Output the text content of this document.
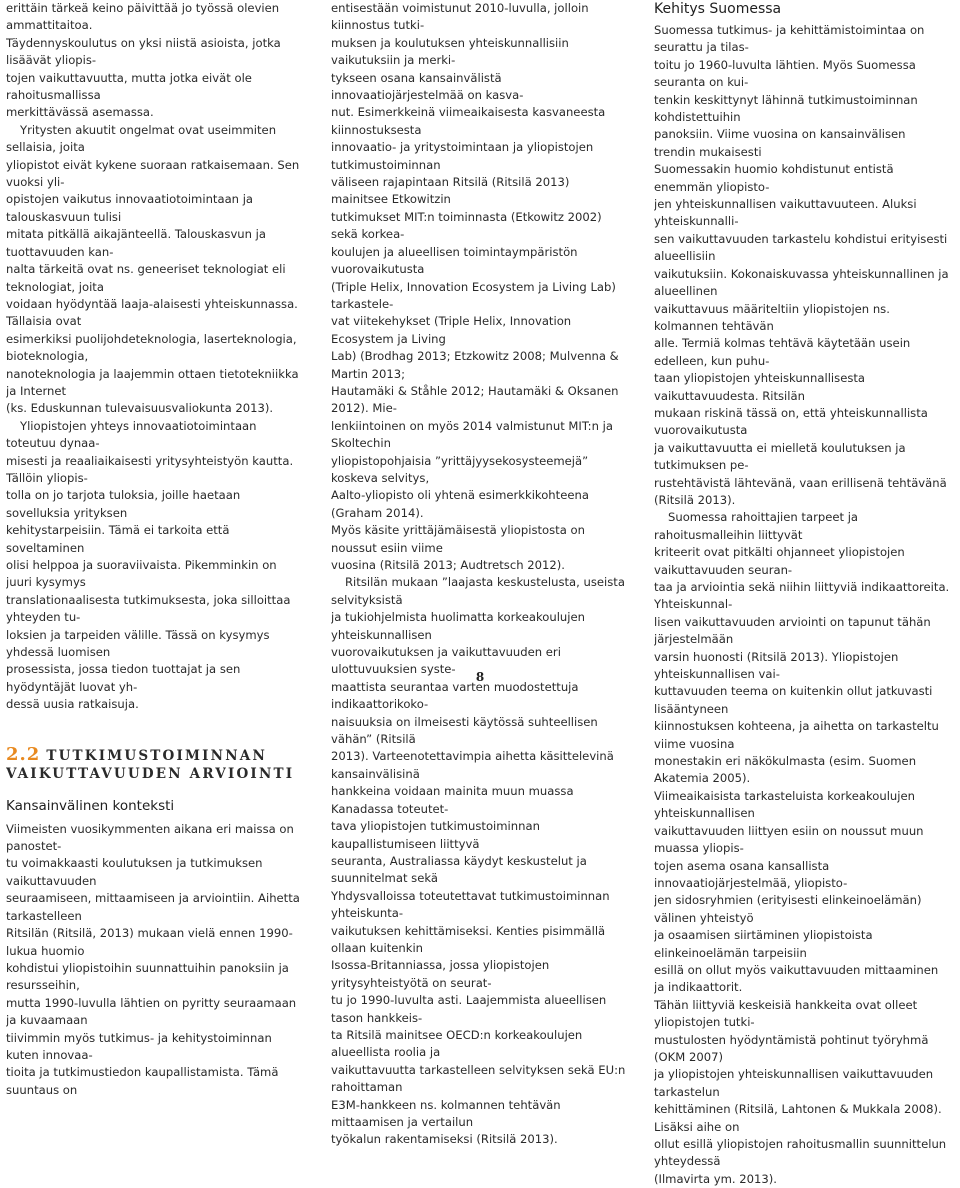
erittäin tärkeä keino päivittää jo työssä olevien ammattitaitoa.

Täydennyskoulutus on yksi niistä asioista, jotka lisäävät yliopis-

tojen vaikuttavuutta, mutta jotka eivät ole rahoitusmallissa

merkittävässä asemassa.

Yritysten akuutit ongelmat ovat useimmiten sellaisia, joita

yliopistot eivät kykene suoraan ratkaisemaan. Sen vuoksi yli-

opistojen vaikutus innovaatiotoimintaan ja talouskasvuun tulisi

mitata pitkällä aikajänteellä. Talouskasvun ja tuottavuuden kan-

nalta tärkeitä ovat ns. geneeriset teknologiat eli teknologiat, joita

voidaan hyödyntää laaja-alaisesti yhteiskunnassa. Tällaisia ovat

esimerkiksi puolijohdeteknologia, laserteknologia, bioteknologia,

nanoteknologia ja laajemmin ottaen tietotekniikka ja Internet

(ks. Eduskunnan tulevaisuusvaliokunta 2013).

Yliopistojen yhteys innovaatiotoimintaan toteutuu dynaa-

misesti ja reaaliaikaisesti yritysyhteistyön kautta. Tällöin yliopis-

tolla on jo tarjota tuloksia, joille haetaan sovelluksia yrityksen

kehitystarpeisiin. Tämä ei tarkoita että soveltaminen

olisi helppoa ja suoraviivaista. Pikemminkin on juuri kysymys

translationaalisesta tutkimuksesta, joka silloittaa yhteyden tu-

loksien ja tarpeiden välille. Tässä on kysymys yhdessä luomisen

prosessista, jossa tiedon tuottajat ja sen hyödyntäjät luovat yh-

dessä uusia ratkaisuja.

2.2 TUTKIMUSTOIMINNAN

VAIKUTTAVUUDEN ARVIOINTI

Kansainvälinen konteksti

Viimeisten vuosikymmenten aikana eri maissa on panostet-

tu voimakkaasti koulutuksen ja tutkimuksen vaikuttavuuden

seuraamiseen, mittaamiseen ja arviointiin. Aihetta tarkastelleen

Ritsilän (Ritsilä, 2013) mukaan vielä ennen 1990-lukua huomio

kohdistui yliopistoihin suunnattuihin panoksiin ja resursseihin,

mutta 1990-luvulla lähtien on pyritty seuraamaan ja kuvaamaan

tiivimmin myös tutkimus- ja kehitystoiminnan kuten innovaa-

tioita ja tutkimustiedon kaupallistamista. Tämä suuntaus on

entisestään voimistunut 2010-luvulla, jolloin kiinnostus tutki-

muksen ja koulutuksen yhteiskunnallisiin vaikutuksiin ja merki-

tykseen osana kansainvälistä innovaatiojärjestelmää on kasva-

nut. Esimerkkeinä viimeaikaisesta kasvaneesta kiinnostuksesta

innovaatio- ja yritystoimintaan ja yliopistojen tutkimustoiminnan

väliseen rajapintaan Ritsilä (Ritsilä 2013) mainitsee Etkowitzin

tutkimukset MIT:n toiminnasta (Etkowitz 2002) sekä korkea-

koulujen ja alueellisen toimintaympäristön vuorovaikutusta

(Triple Helix, Innovation Ecosystem ja Living Lab) tarkastele-

vat viitekehykset (Triple Helix, Innovation Ecosystem ja Living

Lab) (Brodhag 2013; Etzkowitz 2008; Mulvenna & Martin 2013;

Hautamäki & Ståhle 2012; Hautamäki & Oksanen 2012). Mie-

lenkiintoinen on myös 2014 valmistunut MIT:n ja Skoltechin

yliopistopohjaisia ”yrittäjyysekosysteemejä” koskeva selvitys,

Aalto-yliopisto oli yhtenä esimerkkikohteena (Graham 2014).

Myös käsite yrittäjämäisestä yliopistosta on noussut esiin viime

vuosina (Ritsilä 2013; Audtretsch 2012).

Ritsilän mukaan ”laajasta keskustelusta, useista selvityksistä

ja tukiohjelmista huolimatta korkeakoulujen yhteiskunnallisen

vuorovaikutuksen ja vaikuttavuuden eri ulottuvuuksien syste-

maattista seurantaa varten muodostettuja indikaattorikoko-

naisuuksia on ilmeisesti käytössä suhteellisen vähän” (Ritsilä

2013). Varteenotettavimpia aihetta käsittelevinä kansainvälisinä

hankkeina voidaan mainita muun muassa Kanadassa toteutet-

tava yliopistojen tutkimustoiminnan kaupallistumiseen liittyvä

seuranta, Australiassa käydyt keskustelut ja suunnitelmat sekä

Yhdysvalloissa toteutettavat tutkimustoiminnan yhteiskunta-

vaikutuksen kehittämiseksi. Kenties pisimmällä ollaan kuitenkin

Isossa-Britanniassa, jossa yliopistojen yritysyhteistyötä on seurat-

tu jo 1990-luvulta asti. Laajemmista alueellisen tason hankkeis-

ta Ritsilä mainitsee OECD:n korkeakoulujen alueellista roolia ja

vaikuttavuutta tarkastelleen selvityksen sekä EU:n rahoittaman

E3M-hankkeen ns. kolmannen tehtävän mittaamisen ja vertailun

työkalun rakentamiseksi (Ritsilä 2013).

Kehitys Suomessa

Suomessa tutkimus- ja kehittämistoimintaa on seurattu ja tilas-

toitu jo 1960-luvulta lähtien. Myös Suomessa seuranta on kui-

tenkin keskittynyt lähinnä tutkimustoiminnan kohdistettuihin

panoksiin. Viime vuosina on kansainvälisen trendin mukaisesti

Suomessakin huomio kohdistunut entistä enemmän yliopisto-

jen yhteiskunnallisen vaikuttavuuteen. Aluksi yhteiskunnalli-

sen vaikuttavuuden tarkastelu kohdistui erityisesti alueellisiin

vaikutuksiin. Kokonaiskuvassa yhteiskunnallinen ja alueellinen

vaikuttavuus määriteltiin yliopistojen ns. kolmannen tehtävän

alle. Termiä kolmas tehtävä käytetään usein edelleen, kun puhu-

taan yliopistojen yhteiskunnallisesta vaikuttavuudesta. Ritsilän

mukaan riskinä tässä on, että yhteiskunnallista vuorovaikutusta

ja vaikuttavuutta ei mielletä koulutuksen ja tutkimuksen pe-

rustehtävistä lähtevänä, vaan erillisenä tehtävänä (Ritsilä 2013).

Suomessa rahoittajien tarpeet ja rahoitusmalleihin liittyvät

kriteerit ovat pitkälti ohjanneet yliopistojen vaikuttavuuden seuran-

taa ja arviointia sekä niihin liittyviä indikaattoreita. Yhteiskunnal-

lisen vaikuttavuuden arviointi on tapunut tähän järjestelmään

varsin huonosti (Ritsilä 2013). Yliopistojen yhteiskunnallisen vai-

kuttavuuden teema on kuitenkin ollut jatkuvasti lisääntyneen

kiinnostuksen kohteena, ja aihetta on tarkasteltu viime vuosina

monestakin eri näkökulmasta (esim. Suomen Akatemia 2005).

Viimeaikaisista tarkasteluista korkeakoulujen yhteiskunnallisen

vaikuttavuuden liittyen esiin on noussut muun muassa yliopis-

tojen asema osana kansallista innovaatiojärjestelmää, yliopisto-

jen sidosryhmien (erityisesti elinkeinoelämän) välinen yhteistyö

ja osaamisen siirtäminen yliopistoista elinkeinoelämän tarpeisiin

esillä on ollut myös vaikuttavuuden mittaaminen ja indikaattorit.

Tähän liittyviä keskeisiä hankkeita ovat olleet yliopistojen tutki-

mustulosten hyödyntämistä pohtinut työryhmä (OKM 2007)

ja yliopistojen yhteiskunnallisen vaikuttavuuden tarkastelun

kehittäminen (Ritsilä, Lahtonen & Mukkala 2008). Lisäksi aihe on

ollut esillä yliopistojen rahoitusmallin suunnittelun yhteydessä

(Ilmavirta ym. 2013).

8
